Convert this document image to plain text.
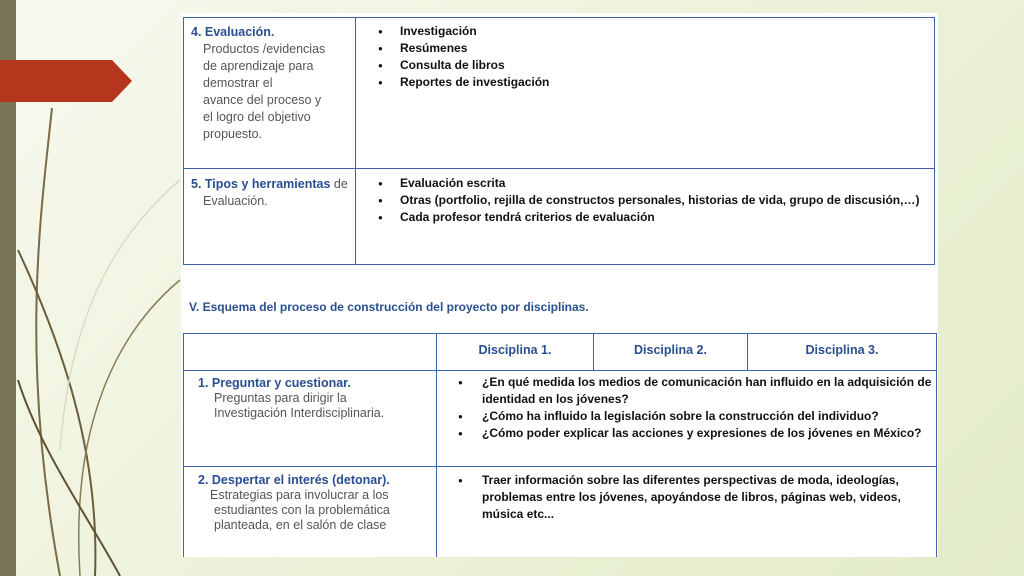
4. Evaluación.
Productos /evidencias
de aprendizaje para
demostrar el
avance del proceso y
el logro del objetivo
propuesto.
● Investigación
● Resúmenes
● Consulta de libros
● Reportes de investigación
5. Tipos y herramientas de
Evaluación.
● Evaluación escrita
● Otras (portfolio, rejilla de constructos personales, historias de vida, grupo de discusión,…)
● Cada profesor tendrá criterios de evaluación
V. Esquema del proceso de construcción del proyecto por disciplinas.
Disciplina 1.	Disciplina 2.	Disciplina 3.
1. Preguntar y cuestionar.
Preguntas para dirigir la
Investigación Interdisciplinaria.
● ¿En qué medida los medios de comunicación han influido en la adquisición de identidad en los jóvenes?
● ¿Cómo ha influido la legislación sobre la construcción del individuo?
● ¿Cómo poder explicar las acciones y expresiones de los jóvenes en México?
2. Despertar el interés (detonar).
Estrategias para involucrar a los
estudiantes con la problemática
planteada, en el salón de clase
● Traer información sobre las diferentes perspectivas de moda, ideologías, problemas entre los jóvenes, apoyándose de libros, páginas web, videos, música etc...
